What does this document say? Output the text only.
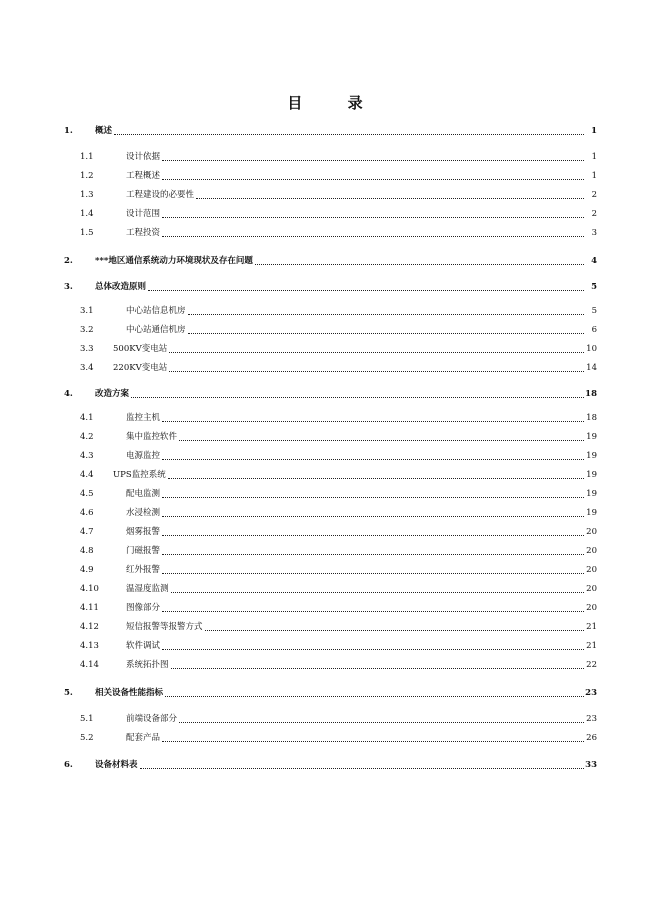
目 录
1.	概述	1
1.1	设计依据	1
1.2	工程概述	1
1.3	工程建设的必要性	2
1.4	设计范围	2
1.5	工程投资	3
2.	***地区通信系统动力环境现状及存在问题	4
3.	总体改造原则	5
3.1	中心站信息机房	5
3.2	中心站通信机房	6
3.3 500KV变电站	10
3.4 220KV变电站	14
4.	改造方案	18
4.1	监控主机	18
4.2	集中监控软件	19
4.3	电源监控	19
4.4 UPS监控系统	19
4.5	配电监测	19
4.6	水浸检测	19
4.7	烟雾报警	20
4.8	门磁报警	20
4.9	红外报警	20
4.10	温湿度监测	20
4.11	图像部分	20
4.12	短信报警等报警方式	21
4.13	软件调试	21
4.14	系统拓扑图	22
5.	相关设备性能指标	23
5.1	前端设备部分	23
5.2	配套产品	26
6.	设备材料表	33
